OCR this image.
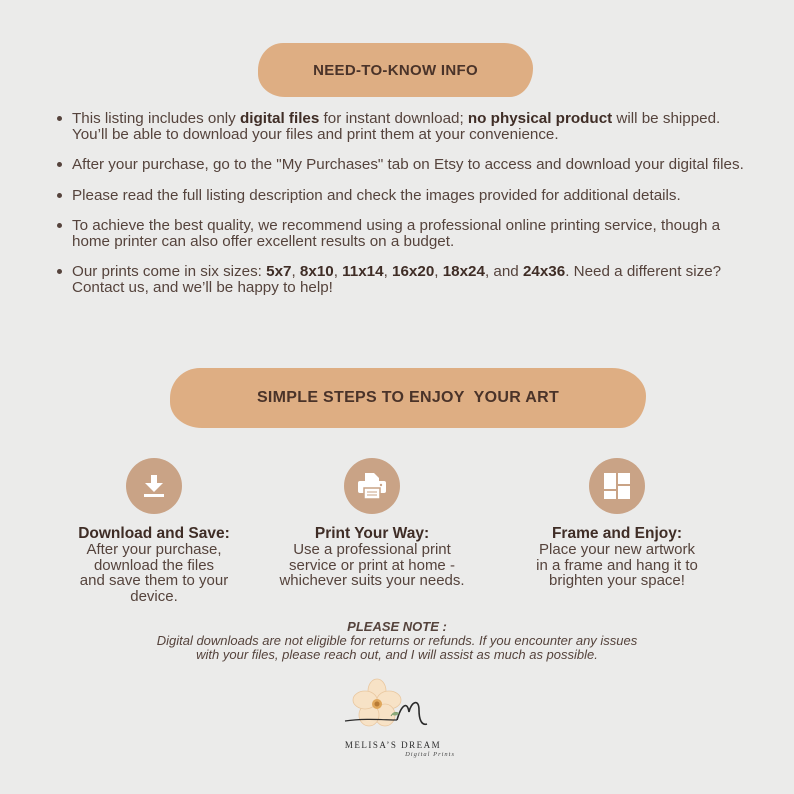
NEED-TO-KNOW INFO
This listing includes only digital files for instant download; no physical product will be shipped. You’ll be able to download your files and print them at your convenience.
After your purchase, go to the "My Purchases" tab on Etsy to access and download your digital files.
Please read the full listing description and check the images provided for additional details.
To achieve the best quality, we recommend using a professional online printing service, though a home printer can also offer excellent results on a budget.
Our prints come in six sizes: 5x7, 8x10, 11x14, 16x20, 18x24, and 24x36. Need a different size? Contact us, and we’ll be happy to help!
SIMPLE STEPS TO ENJOY  YOUR ART
Download and Save:
After your purchase,
download the files
and save them to your
device.
Print Your Way:
Use a professional print
service or print at home -
whichever suits your needs.
Frame and Enjoy:
Place your new artwork
in a frame and hang it to
brighten your space!
PLEASE NOTE :
Digital downloads are not eligible for returns or refunds. If you encounter any issues
with your files, please reach out, and I will assist as much as possible.
MELISA’S DREAM
Digital Prints
